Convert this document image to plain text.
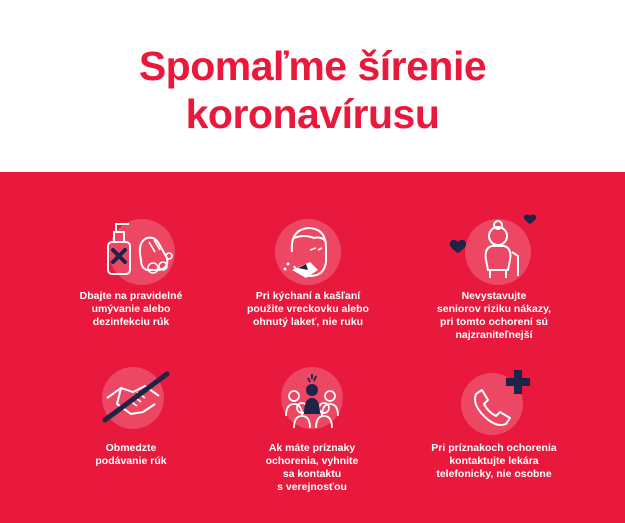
Spomaľme šírenie
koronavírusu
Dbajte na pravidelné
umývanie alebo
dezinfekciu rúk
Pri kýchaní a kašľaní
použite vreckovku alebo
ohnutý lakeť, nie ruku
Nevystavujte
seniorov riziku nákazy,
pri tomto ochorení sú
najzraniteľnejší
Obmedzte
podávanie rúk
Ak máte príznaky
ochorenia, vyhnite
sa kontaktu
s verejnosťou
Pri príznakoch ochorenia
kontaktujte lekára
telefonicky, nie osobne
